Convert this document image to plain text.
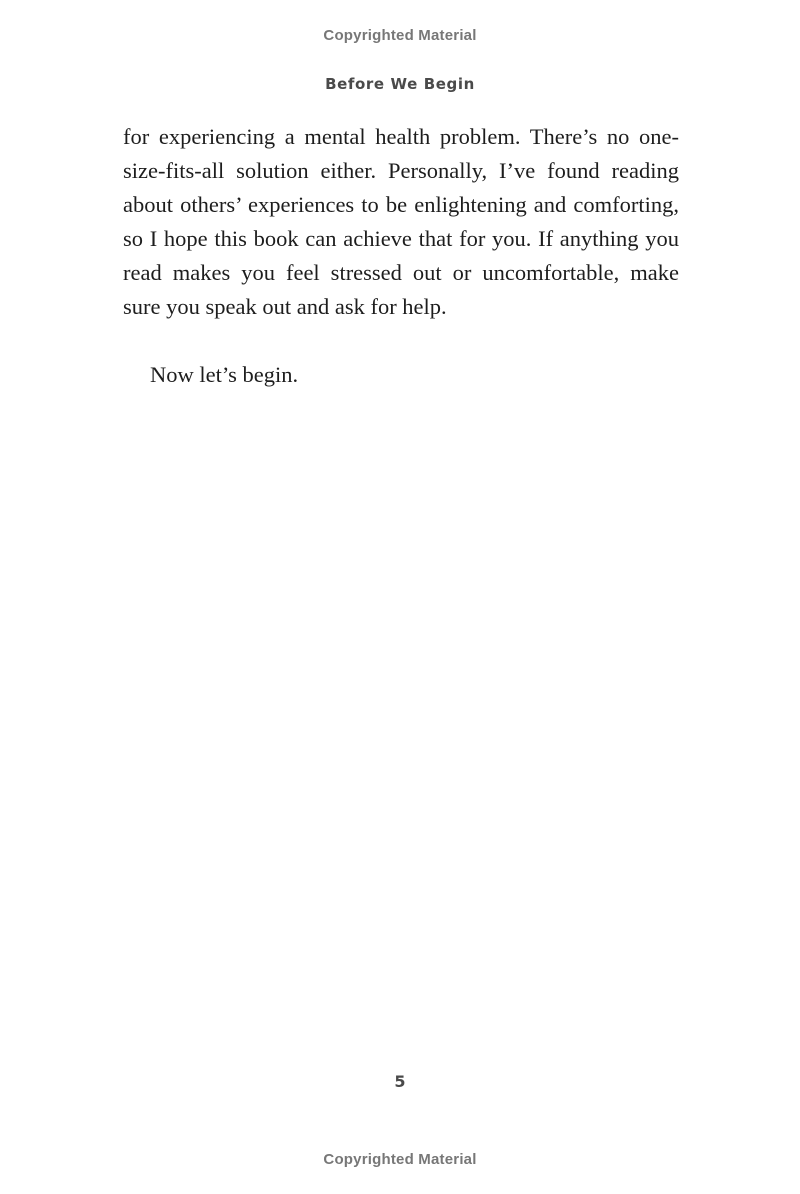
Copyrighted Material
Before We Begin

for experiencing a mental health problem. There’s no one-size-fits-all solution either. Personally, I’ve found reading about others’ experiences to be enlightening and comforting, so I hope this book can achieve that for you. If anything you read makes you feel stressed out or uncomfortable, make sure you speak out and ask for help.

Now let’s begin.

5
Copyrighted Material
